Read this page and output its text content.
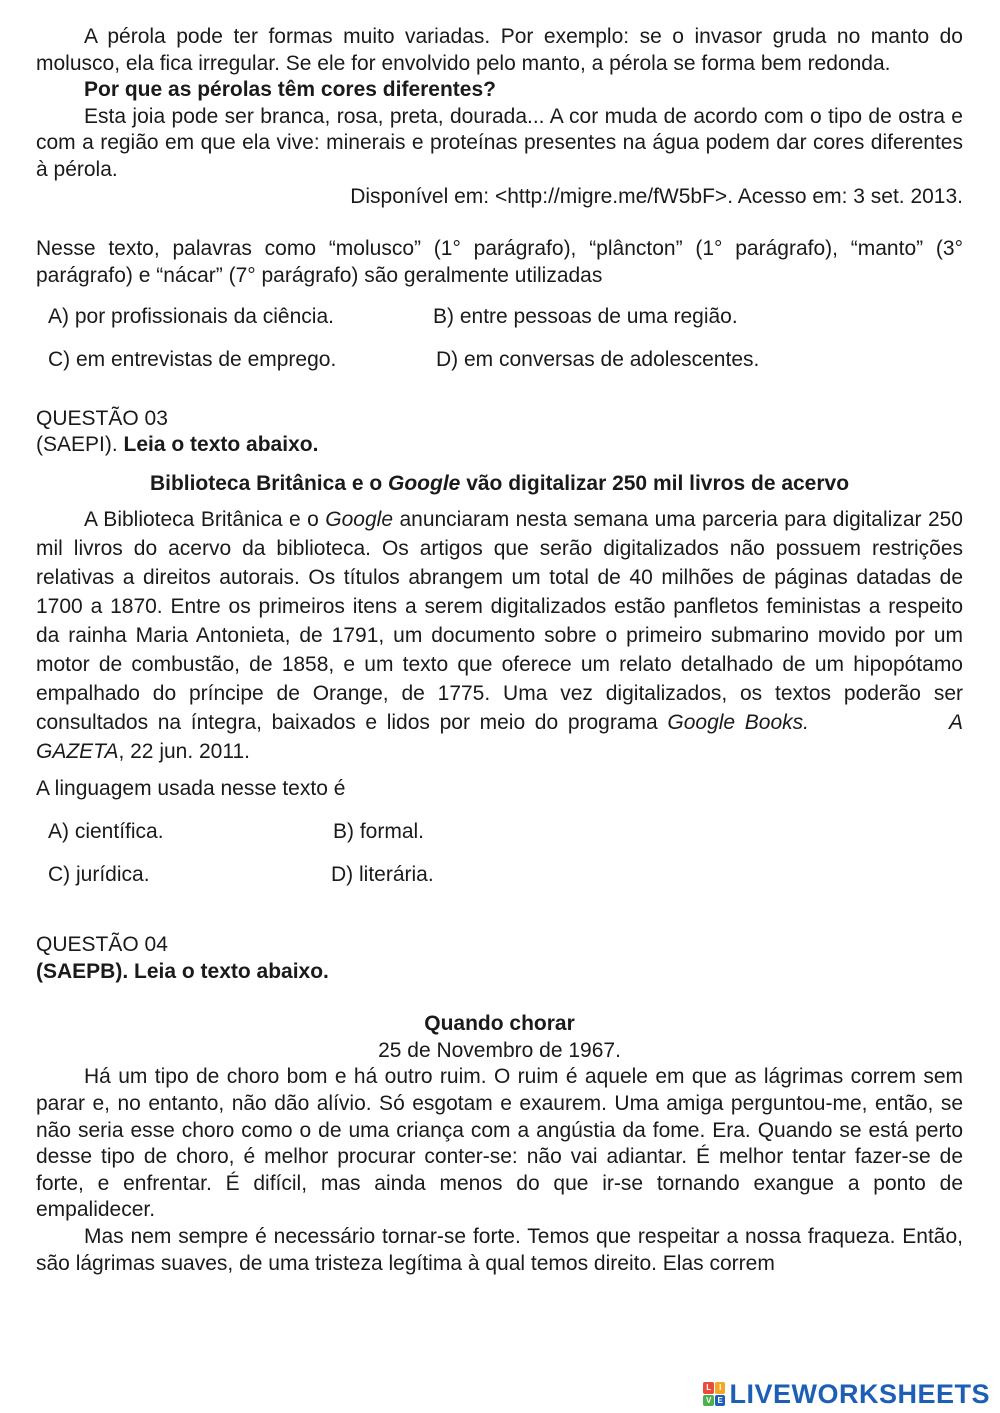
A pérola pode ter formas muito variadas. Por exemplo: se o invasor gruda no manto do molusco, ela fica irregular. Se ele for envolvido pelo manto, a pérola se forma bem redonda.

Por que as pérolas têm cores diferentes?

Esta joia pode ser branca, rosa, preta, dourada... A cor muda de acordo com o tipo de ostra e com a região em que ela vive: minerais e proteínas presentes na água podem dar cores diferentes à pérola.

Disponível em: <http://migre.me/fW5bF>. Acesso em: 3 set. 2013.

Nesse texto, palavras como “molusco” (1° parágrafo), “plâncton” (1° parágrafo), “manto” (3° parágrafo) e “nácar” (7° parágrafo) são geralmente utilizadas

A) por profissionais da ciência.	B) entre pessoas de uma região.
C) em entrevistas de emprego.	D) em conversas de adolescentes.

QUESTÃO 03

(SAEPI). Leia o texto abaixo.

Biblioteca Britânica e o Google vão digitalizar 250 mil livros de acervo

A Biblioteca Britânica e o Google anunciaram nesta semana uma parceria para digitalizar 250 mil livros do acervo da biblioteca. Os artigos que serão digitalizados não possuem restrições relativas a direitos autorais. Os títulos abrangem um total de 40 milhões de páginas datadas de 1700 a 1870. Entre os primeiros itens a serem digitalizados estão panfletos feministas a respeito da rainha Maria Antonieta, de 1791, um documento sobre o primeiro submarino movido por um motor de combustão, de 1858, e um texto que oferece um relato detalhado de um hipopótamo empalhado do príncipe de Orange, de 1775. Uma vez digitalizados, os textos poderão ser consultados na íntegra, baixados e lidos por meio do programa Google Books.	A GAZETA, 22 jun. 2011.

A linguagem usada nesse texto é

A) científica.	B) formal.
C) jurídica.	D) literária.

QUESTÃO 04

(SAEPB). Leia o texto abaixo.

Quando chorar

25 de Novembro de 1967.

Há um tipo de choro bom e há outro ruim. O ruim é aquele em que as lágrimas correm sem parar e, no entanto, não dão alívio. Só esgotam e exaurem. Uma amiga perguntou-me, então, se não seria esse choro como o de uma criança com a angústia da fome. Era. Quando se está perto desse tipo de choro, é melhor procurar conter-se: não vai adiantar. É melhor tentar fazer-se de forte, e enfrentar. É difícil, mas ainda menos do que ir-se tornando exangue a ponto de empalidecer.

Mas nem sempre é necessário tornar-se forte. Temos que respeitar a nossa fraqueza. Então, são lágrimas suaves, de uma tristeza legítima à qual temos direito. Elas correm

L I
V E LIVEWORKSHEETS
